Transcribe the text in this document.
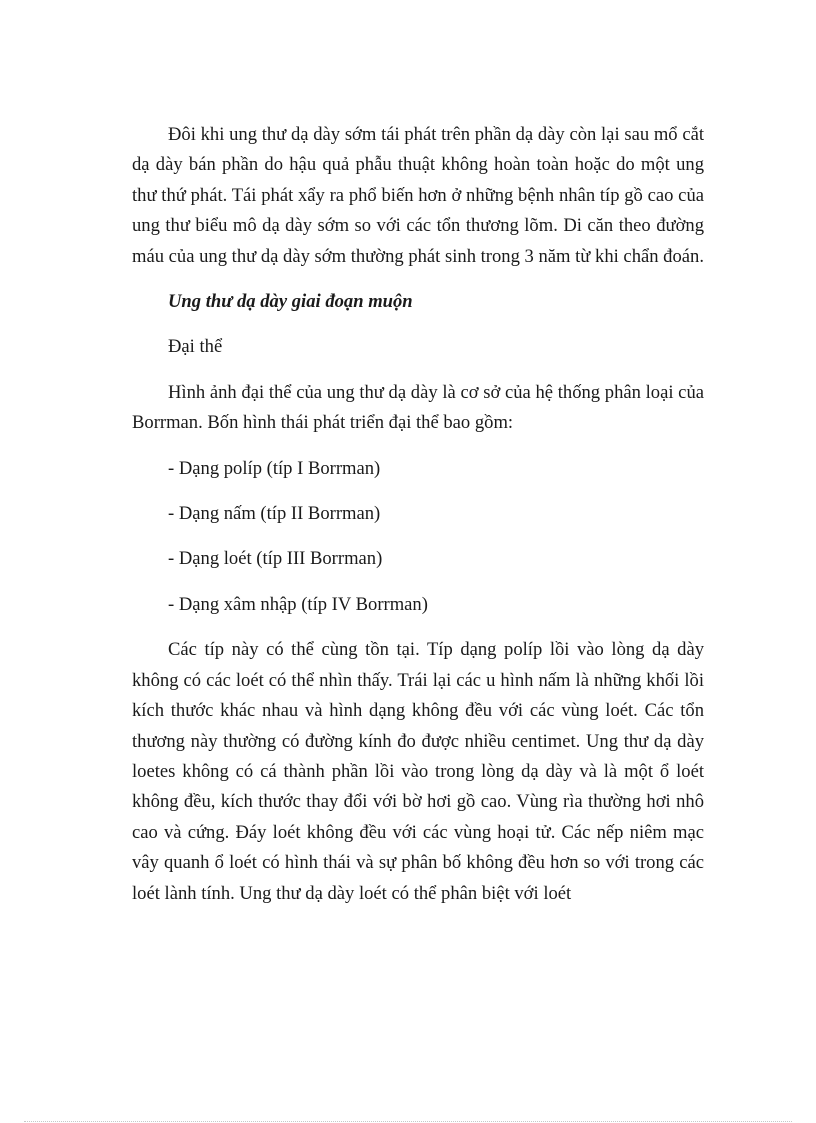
Đôi khi ung thư dạ dày sớm tái phát trên phần dạ dày còn lại sau mổ cắt dạ dày bán phần do hậu quả phẫu thuật không hoàn toàn hoặc do một ung thư thứ phát. Tái phát xẩy ra phổ biến hơn ở những bệnh nhân típ gồ cao của ung thư biểu mô dạ dày sớm so với các tổn thương lõm. Di căn theo đường máu của ung thư dạ dày sớm thường phát sinh trong 3 năm từ khi chẩn đoán.

Ung thư dạ dày giai đoạn muộn

Đại thể

Hình ảnh đại thể của ung thư dạ dày là cơ sở của hệ thống phân loại của Borrman. Bốn hình thái phát triển đại thể bao gồm:

- Dạng políp (típ I Borrman)

- Dạng nấm (típ II Borrman)

- Dạng loét (típ III Borrman)

- Dạng xâm nhập (típ IV Borrman)

Các típ này có thể cùng tồn tại. Típ dạng políp lồi vào lòng dạ dày không có các loét có thể nhìn thấy. Trái lại các u hình nấm là những khối lồi kích thước khác nhau và hình dạng không đều với các vùng loét. Các tổn thương này thường có đường kính đo được nhiều centimet. Ung thư dạ dày loetes không có cá thành phần lồi vào trong lòng dạ dày và là một ổ loét không đều, kích thước thay đổi với bờ hơi gồ cao. Vùng rìa thường hơi nhô cao và cứng. Đáy loét không đều với các vùng hoại tử. Các nếp niêm mạc vây quanh ổ loét có hình thái và sự phân bố không đều hơn so với trong các loét lành tính. Ung thư dạ dày loét có thể phân biệt với loét
